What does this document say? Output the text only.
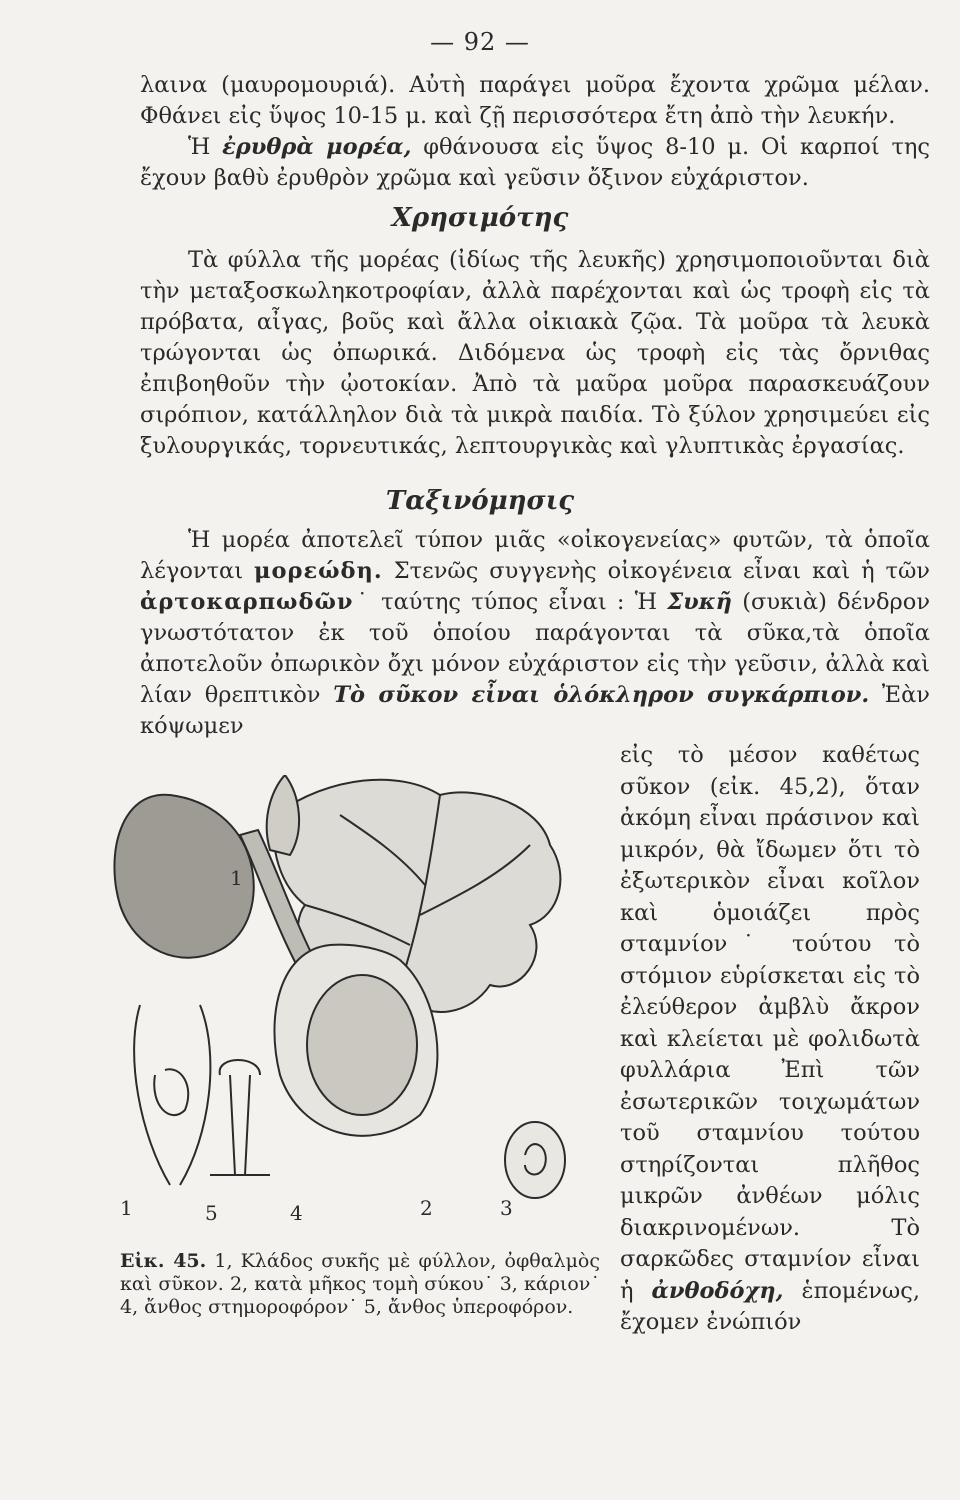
— 92 —

λαινα (μαυρομουριά). Αὐτὴ παράγει μοῦρα ἔχοντα χρῶμα μέλαν. Φθάνει εἰς ὕψος 10-15 μ. καὶ ζῇ περισσότερα ἔτη ἀπὸ τὴν λευκήν.

Ἡ ἐρυθρὰ μορέα, φθάνουσα εἰς ὕψος 8-10 μ. Οἱ καρποί της ἔχουν βαθὺ ἐρυθρὸν χρῶμα καὶ γεῦσιν ὄξινον εὐχάριστον.

Χρησιμότης

Τὰ φύλλα τῆς μορέας (ἰδίως τῆς λευκῆς) χρησιμοποιοῦνται διὰ τὴν μεταξοσκωληκοτροφίαν, ἀλλὰ παρέχονται καὶ ὡς τροφὴ εἰς τὰ πρόβατα, αἶγας, βοῦς καὶ ἄλλα οἰκιακὰ ζῷα. Τὰ μοῦρα τὰ λευκὰ τρώγονται ὡς ὀπωρικά. Διδόμενα ὡς τροφὴ εἰς τὰς ὄρνιθας ἐπιβοηθοῦν τὴν ᾠοτοκίαν. Ἀπὸ τὰ μαῦρα μοῦρα παρασκευάζουν σιρόπιον, κατάλληλον διὰ τὰ μικρὰ παιδία. Τὸ ξύλον χρησιμεύει εἰς ξυλουργικάς, τορνευτικάς, λεπτουργικὰς καὶ γλυπτικὰς ἐργασίας.

Ταξινόμησις

Ἡ μορέα ἀποτελεῖ τύπον μιᾶς «οἰκογενείας» φυτῶν, τὰ ὁποῖα λέγονται μορεώδη. Στενῶς συγγενὴς οἰκογένεια εἶναι καὶ ἡ τῶν ἀρτοκαρπωδῶν˙ ταύτης τύπος εἶναι : Ἡ Συκῆ (συκιὰ) δένδρον γνωστότατον ἐκ τοῦ ὁποίου παράγονται τὰ σῦκα,τὰ ὁποῖα ἀποτελοῦν ὀπωρικὸν ὄχι μόνον εὐχάριστον εἰς τὴν γεῦσιν, ἀλλὰ καὶ λίαν θρεπτικὸν Τὸ σῦκον εἶναι ὁλόκληρον συγκάρπιον. Ἐὰν κόψωμεν

εἰς τὸ μέσον καθέτως σῦκον (εἰκ. 45,2), ὅταν ἀκόμη εἶναι πράσινον καὶ μικρόν, θὰ ἴδωμεν ὅτι τὸ ἐξωτερικὸν εἶναι κοῖλον καὶ ὁμοιάζει πρὸς σταμνίον˙ τούτου τὸ στόμιον εὑρίσκεται εἰς τὸ ἐλεύθερον ἀμβλὺ ἄκρον καὶ κλείεται μὲ φολιδωτὰ φυλλάρια Ἐπὶ τῶν ἐσωτερικῶν τοιχωμάτων τοῦ σταμνίου τούτου στηρίζονται πλῆθος μικρῶν ἀνθέων μόλις διακρινομένων. Τὸ σαρκῶδες σταμνίον εἶναι ἡ ἀνθοδόχη, ἑπομένως, ἔχομεν ἐνώπιόν
1
1	5	4	2	3
Εἰκ. 45. 1, Κλάδος συκῆς μὲ φύλλον, ὀφθαλμὸς καὶ σῦκον. 2, κατὰ μῆκος τομὴ σύκου˙ 3, κάριον˙ 4, ἄνθος στημοροφόρον˙ 5, ἄνθος ὑπεροφόρον.
